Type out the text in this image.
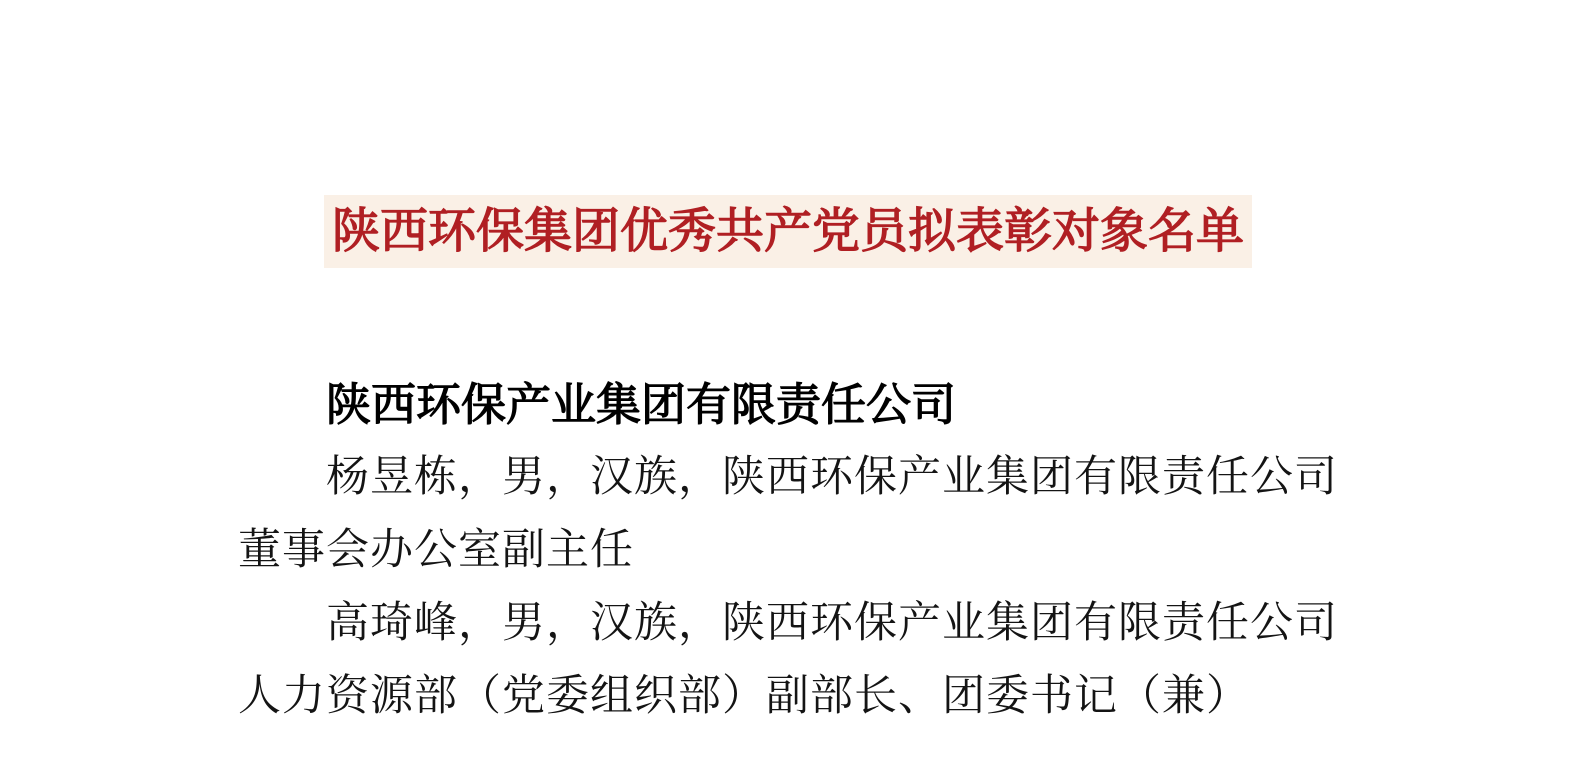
陕西环保集团优秀共产党员拟表彰对象名单

陕西环保产业集团有限责任公司

杨昱栋，男，汉族，陕西环保产业集团有限责任公司董事会办公室副主任

高琦峰，男，汉族，陕西环保产业集团有限责任公司人力资源部（党委组织部）副部长、团委书记（兼）
